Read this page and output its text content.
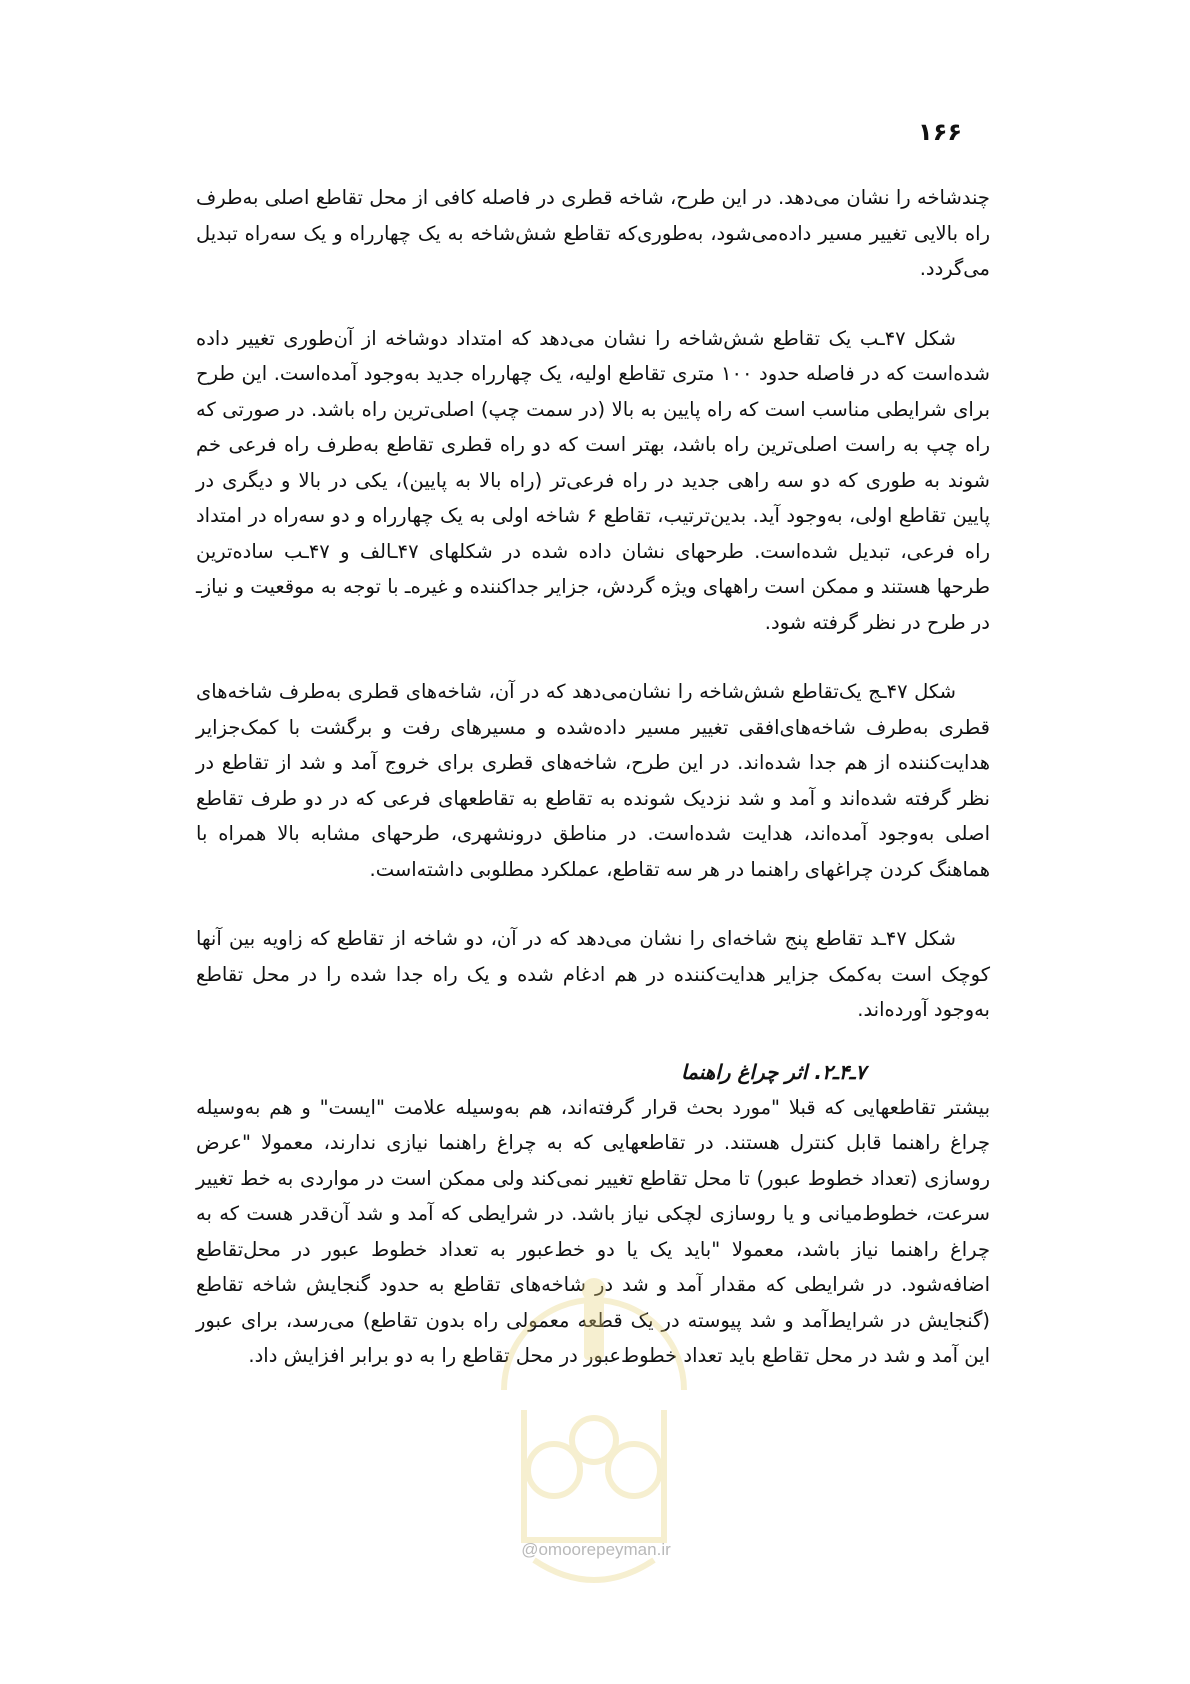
۱۶۶

چندشاخه را نشان می‌دهد. در این طرح، شاخه قطری در فاصله کافی از محل تقاطع اصلی به‌طرف راه بالایی تغییر مسیر داده‌می‌شود، به‌طوری‌که تقاطع شش‌شاخه به یک چهارراه و یک سه‌راه تبدیل می‌گردد.

شکل ۴۷ـب یک تقاطع شش‌شاخه را نشان می‌دهد که امتداد دوشاخه از آن‌طوری تغییر داده شده‌است که در فاصله حدود ۱۰۰ متری تقاطع اولیه، یک چهارراه جدید به‌وجود آمده‌است. این طرح برای شرایطی مناسب است که راه پایین به بالا (در سمت چپ) اصلی‌ترین راه باشد. در صورتی که راه چپ به راست اصلی‌ترین راه باشد، بهتر است که دو راه قطری تقاطع به‌طرف راه فرعی خم شوند به طوری که دو سه راهی جدید در راه فرعی‌تر (راه بالا به پایین)، یکی در بالا و دیگری در پایین تقاطع اولی، به‌وجود آید. بدین‌ترتیب، تقاطع ۶ شاخه اولی به یک چهارراه و دو سه‌راه در امتداد راه فرعی، تبدیل شده‌است. طرحهای نشان داده شده در شکلهای ۴۷ـالف و ۴۷ـب ساده‌ترین طرحها هستند و ممکن است راههای ویژه گردش، جزایر جداکننده و غیره‌ـ با توجه به موقعیت و نیازـ در طرح در نظر گرفته شود.

شکل ۴۷ـج یک‌تقاطع شش‌شاخه را نشان‌می‌دهد که در آن، شاخه‌های قطری به‌طرف شاخه‌های قطری به‌طرف شاخه‌های‌افقی تغییر مسیر داده‌شده و مسیرهای رفت و برگشت با کمک‌جزایر هدایت‌کننده از هم جدا شده‌اند. در این طرح، شاخه‌های قطری برای خروج آمد و شد از تقاطع در نظر گرفته شده‌اند و آمد و شد نزدیک شونده به تقاطع به تقاطعهای فرعی که در دو طرف تقاطع اصلی به‌وجود آمده‌اند، هدایت شده‌است. در مناطق درونشهری، طرحهای مشابه بالا همراه با هماهنگ کردن چراغهای راهنما در هر سه تقاطع، عملکرد مطلوبی داشته‌است.

شکل ۴۷ـد تقاطع پنج شاخه‌ای را نشان می‌دهد که در آن، دو شاخه از تقاطع که زاویه بین آنها کوچک است به‌کمک جزایر هدایت‌کننده در هم ادغام شده و یک راه جدا شده را در محل تقاطع به‌وجود آورده‌اند.

۷ـ۴ـ۲. اثر چراغ راهنما

بیشتر تقاطعهایی که قبلا "مورد بحث قرار گرفته‌اند، هم به‌وسیله علامت "ایست" و هم به‌وسیله چراغ راهنما قابل کنترل هستند. در تقاطعهایی که به چراغ راهنما نیازی ندارند، معمولا "عرض روسازی (تعداد خطوط عبور) تا محل تقاطع تغییر نمی‌کند ولی ممکن است در مواردی به خط تغییر سرعت، خطوط‌میانی و یا روسازی لچکی نیاز باشد. در شرایطی که آمد و شد آن‌قدر هست که به چراغ راهنما نیاز باشد، معمولا "باید یک یا دو خط‌عبور به تعداد خطوط عبور در محل‌تقاطع اضافه‌شود. در شرایطی که مقدار آمد و شد در شاخه‌های تقاطع به حدود گنجایش شاخه تقاطع (گنجایش در شرایط‌آمد و شد پیوسته در یک قطعه معمولی راه بدون تقاطع) می‌رسد، برای عبور این آمد و شد در محل تقاطع باید تعداد خطوط‌عبور در محل تقاطع را به دو برابر افزایش داد.

@omoorepeyman.ir
